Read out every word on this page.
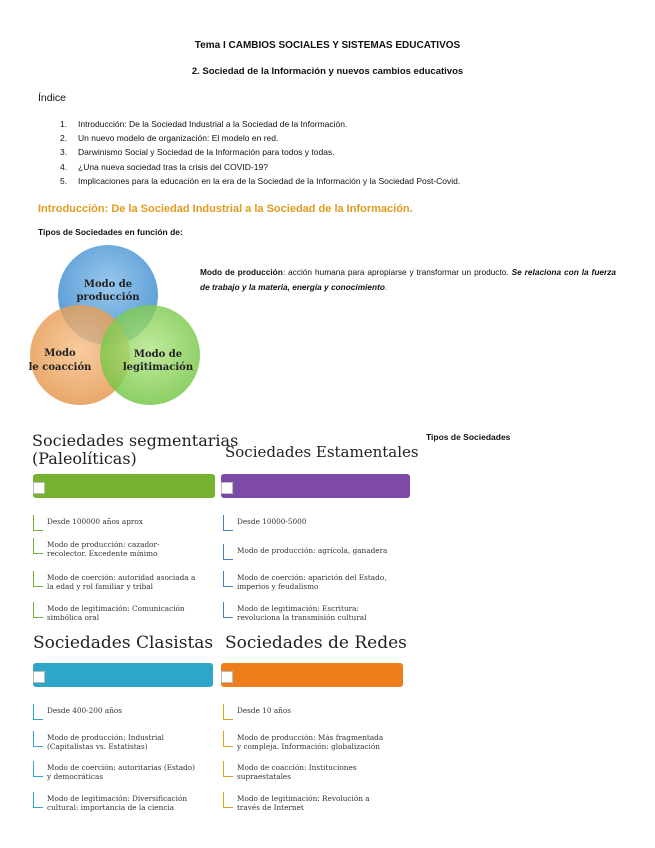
Tema I CAMBIOS SOCIALES Y SISTEMAS EDUCATIVOS
2. Sociedad de la Información y nuevos cambios educativos
Índice
1. Introducción: De la Sociedad Industrial a la Sociedad de la Información.
2. Un nuevo modelo de organización: El modelo en red.
3. Darwinismo Social y Sociedad de la Información para todos y todas.
4. ¿Una nueva sociedad tras la crisis del COVID-19?
5. Implicaciones para la educación en la era de la Sociedad de la Información y la Sociedad Post-Covid.
Introducción: De la Sociedad Industrial a la Sociedad de la Información.
Tipos de Sociedades en función de:
Modo de
producción
Modo
le coacción
Modo de
legitimación
Modo de producción: acción humana para apropiarse y transformar un producto. Se relaciona con la fuerza de trabajo y la materia, energía y conocimiento.
Tipos de Sociedades
Sociedades segmentarias
(Paleolíticas)
Desde 100000 años aprox
Modo de producción: cazador-
recolector. Excedente mínimo
Modo de coerción: autoridad asociada a
la edad y rol familiar y tribal
Modo de legitimación: Comunicación
simbólica oral
Sociedades Estamentales
Desde 10000-5000
Modo de producción: agrícola, ganadera
Modo de coerción: aparición del Estado,
imperios y feudalismo
Modo de legitimación: Escritura:
revoluciona la transmisión cultural
Sociedades Clasistas
Desde 400-200 años
Modo de producción: Industrial
(Capitalistas vs. Estatistas)
Modo de coerción: autoritarias (Estado)
y democráticas
Modo de legitimación: Diversificación
cultural: importancia de la ciencia
Sociedades de Redes
Desde 10 años
Modo de producción: Más fragmentada
y compleja. Información: globalización
Modo de coacción: Instituciones
supraestatales
Modo de legitimación: Revolución a
través de Internet
